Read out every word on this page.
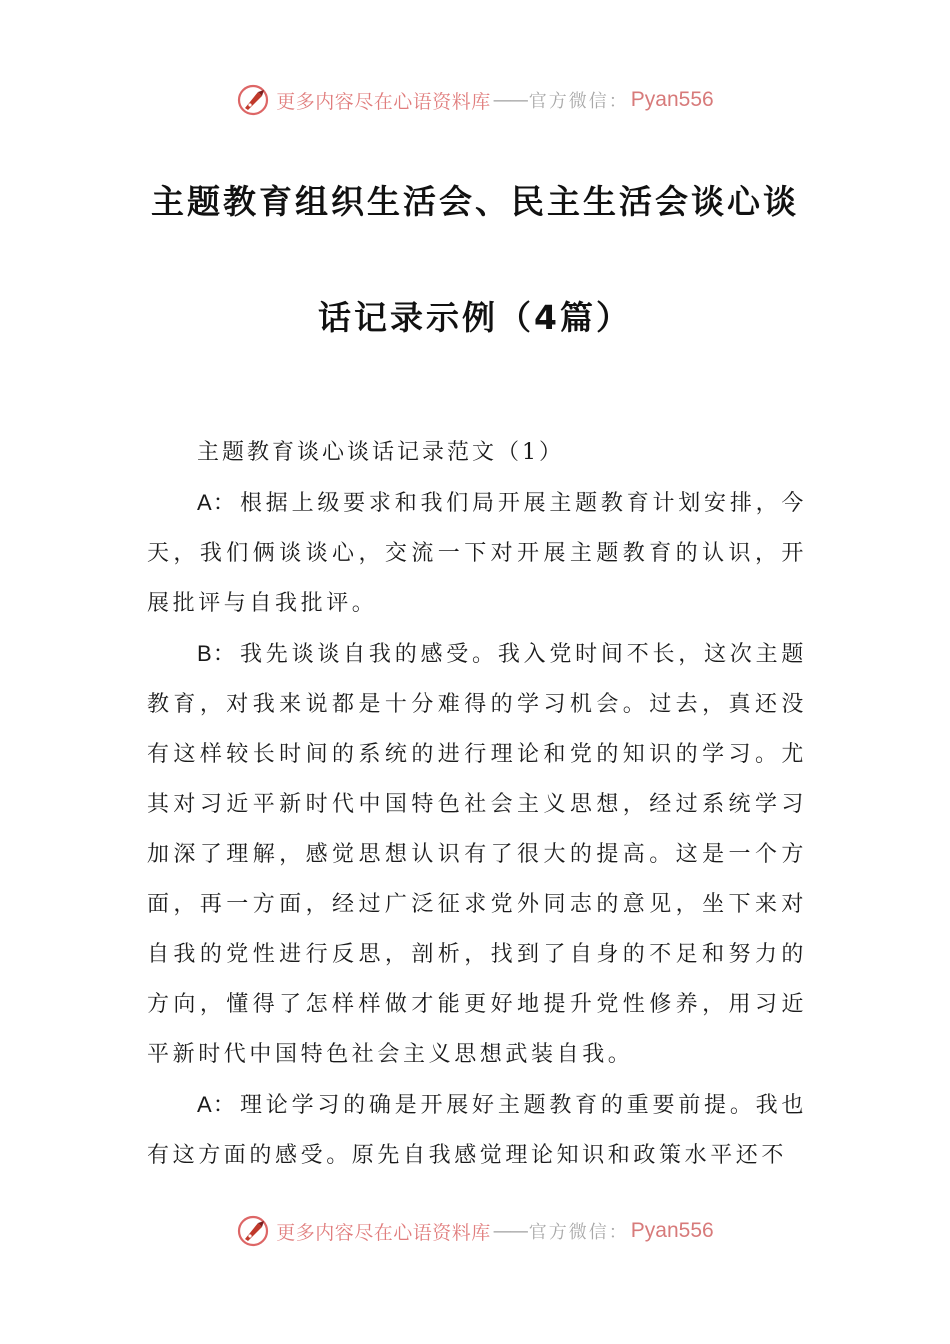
更多内容尽在心语资料库 —— 官方微信： Pyan556
主题教育组织生活会、民主生活会谈心谈
话记录示例（4篇）

主题教育谈心谈话记录范文（1）

A： 根据上级要求和我们局开展主题教育计划安排，今天，我们俩谈谈心，交流一下对开展主题教育的认识，开展批评与自我批评。

B： 我先谈谈自我的感受。我入党时间不长，这次主题教育，对我来说都是十分难得的学习机会。过去，真还没有这样较长时间的系统的进行理论和党的知识的学习。尤其对习近平新时代中国特色社会主义思想，经过系统学习加深了理解，感觉思想认识有了很大的提高。这是一个方面，再一方面，经过广泛征求党外同志的意见，坐下来对自我的党性进行反思，剖析，找到了自身的不足和努力的方向，懂得了怎样样做才能更好地提升党性修养，用习近平新时代中国特色社会主义思想武装自我。

A： 理论学习的确是开展好主题教育的重要前提。我也有这方面的感受。原先自我感觉理论知识和政策水平还不

更多内容尽在心语资料库 —— 官方微信： Pyan556
